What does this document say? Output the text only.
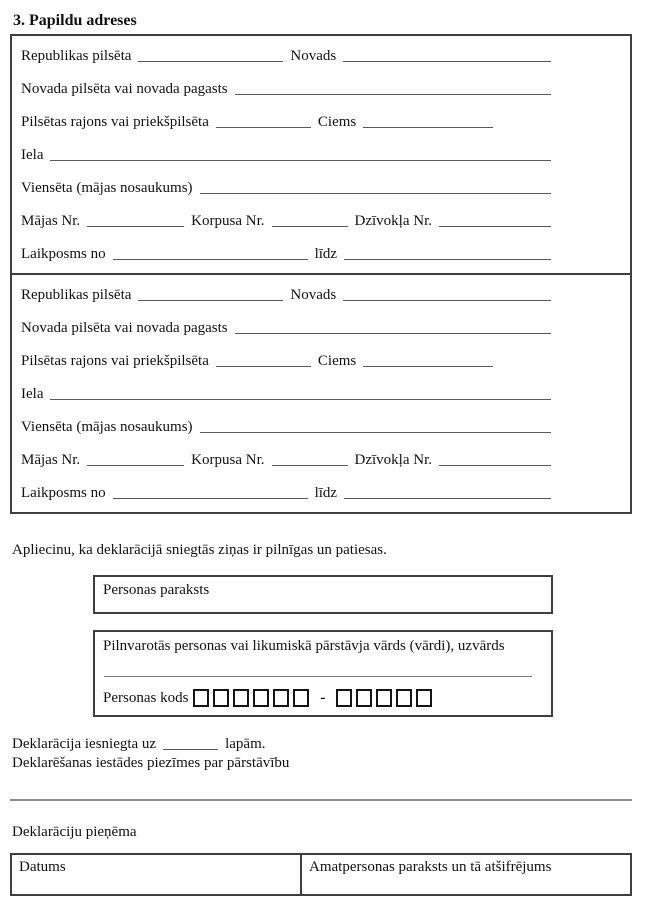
3. Papildu adreses
Republikas pilsēta	Novads
Novada pilsēta vai novada pagasts
Pilsētas rajons vai priekšpilsēta	Ciems
Iela
Viensēta (mājas nosaukums)
Mājas Nr.	Korpusa Nr.	Dzīvokļa Nr.
Laikposms no	līdz
Republikas pilsēta	Novads
Novada pilsēta vai novada pagasts
Pilsētas rajons vai priekšpilsēta	Ciems
Iela
Viensēta (mājas nosaukums)
Mājas Nr.	Korpusa Nr.	Dzīvokļa Nr.
Laikposms no	līdz
Apliecinu, ka deklarācijā sniegtās ziņas ir pilnīgas un patiesas.
Personas paraksts
Pilnvarotās personas vai likumiskā pārstāvja vārds (vārdi), uzvārds
Personas kods	-
Deklarācija iesniegta uz	lapām.
Deklarēšanas iestādes piezīmes par pārstāvību
Deklarāciju pieņēma
Datums	Amatpersonas paraksts un tā atšifrējums
